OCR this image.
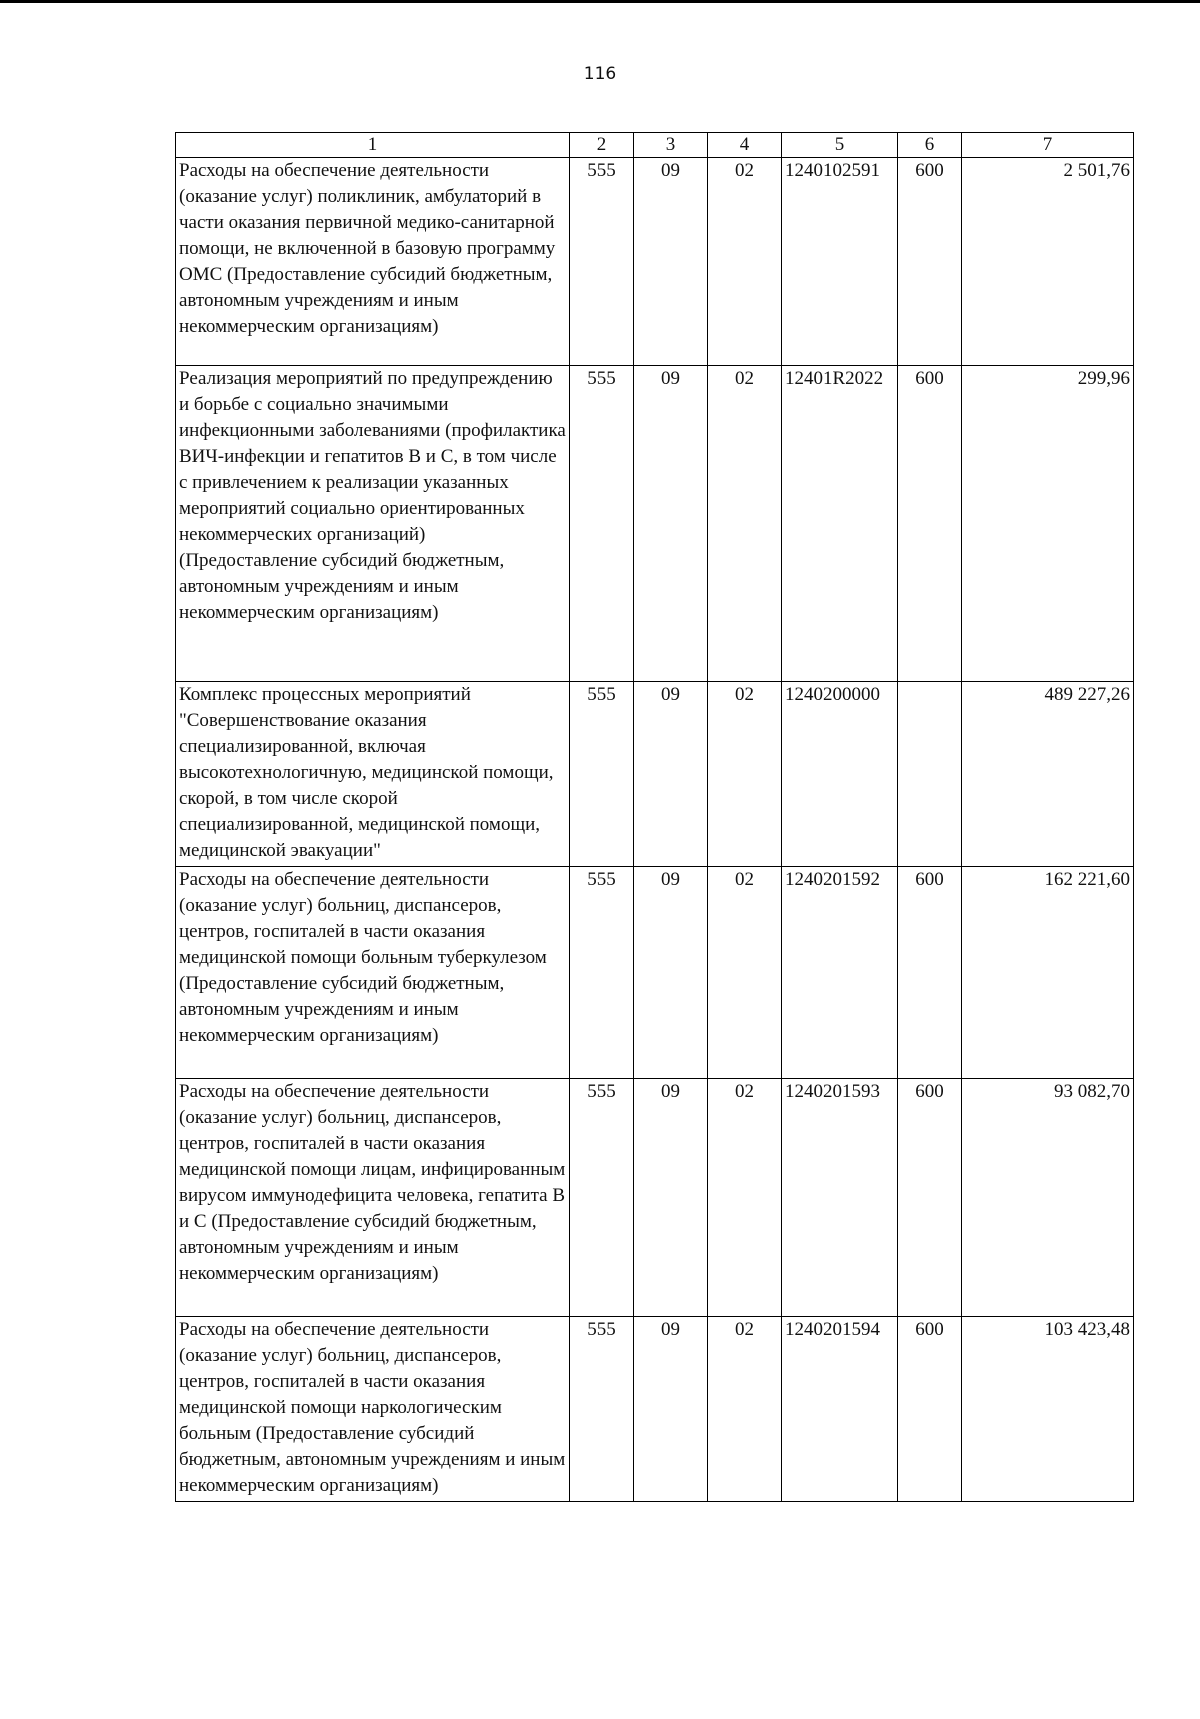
116
1	2	3	4	5	6	7
Расходы на обеспечение деятельности (оказание услуг) поликлиник, амбулаторий в части оказания первичной медико-санитарной помощи, не включенной в базовую программу ОМС (Предоставление субсидий бюджетным, автономным учреждениям и иным некоммерческим организациям)	555	09	02	1240102591	600	2 501,76
Реализация мероприятий по предупреждению и борьбе с социально значимыми инфекционными заболеваниями (профилактика ВИЧ-инфекции и гепатитов В и С, в том числе с привлечением к реализации указанных мероприятий социально ориентированных некоммерческих организаций) (Предоставление субсидий бюджетным, автономным учреждениям и иным некоммерческим организациям)	555	09	02	12401R2022	600	299,96
Комплекс процессных мероприятий "Совершенствование оказания специализированной, включая высокотехнологичную, медицинской помощи, скорой, в том числе скорой специализированной, медицинской помощи, медицинской эвакуации"	555	09	02	1240200000		489 227,26
Расходы на обеспечение деятельности (оказание услуг) больниц, диспансеров, центров, госпиталей в части оказания медицинской помощи больным туберкулезом (Предоставление субсидий бюджетным, автономным учреждениям и иным некоммерческим организациям)	555	09	02	1240201592	600	162 221,60
Расходы на обеспечение деятельности (оказание услуг) больниц, диспансеров, центров, госпиталей в части оказания медицинской помощи лицам, инфицированным вирусом иммунодефицита человека, гепатита В и С (Предоставление субсидий бюджетным, автономным учреждениям и иным некоммерческим организациям)	555	09	02	1240201593	600	93 082,70
Расходы на обеспечение деятельности (оказание услуг) больниц, диспансеров, центров, госпиталей в части оказания медицинской помощи наркологическим больным (Предоставление субсидий бюджетным, автономным учреждениям и иным некоммерческим организациям)	555	09	02	1240201594	600	103 423,48
